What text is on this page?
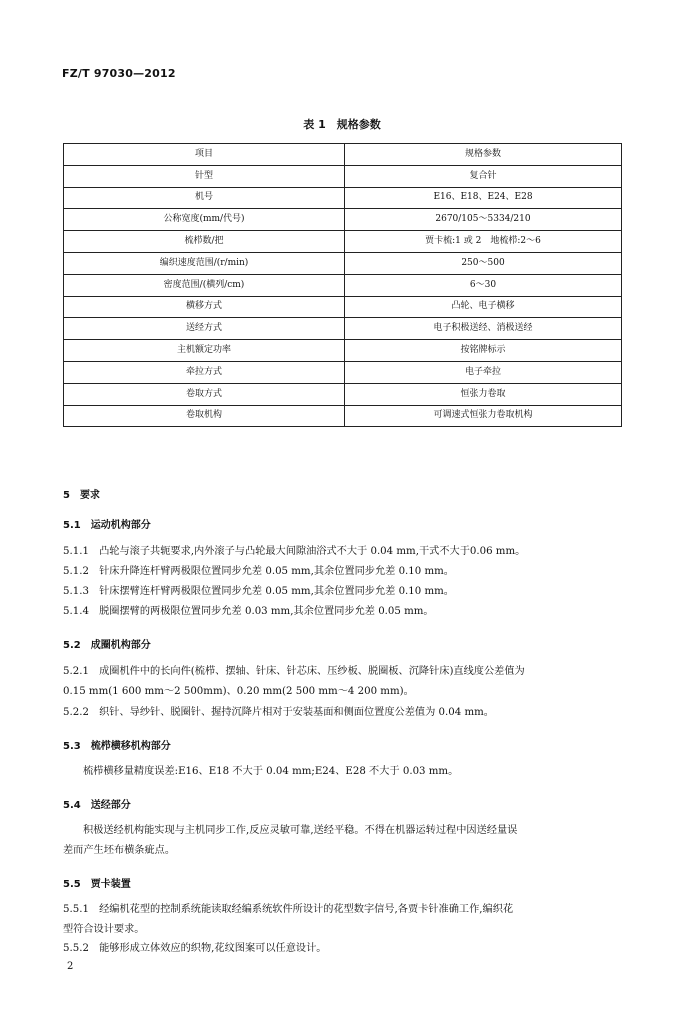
FZ/T 97030—2012
表 1　规格参数
项目	规格参数
针型	复合针
机号	E16、E18、E24、E28
公称宽度(mm/代号)	2670/105～5334/210
梳栉数/把	贾卡梳:1 或 2　地梳栉:2～6
编织速度范围/(r/min)	250～500
密度范围/(横列/cm)	6～30
横移方式	凸轮、电子横移
送经方式	电子积极送经、消极送经
主机额定功率	按铭牌标示
牵拉方式	电子牵拉
卷取方式	恒张力卷取
卷取机构	可调速式恒张力卷取机构
5　 要求
5.1　 运动机构部分
5.1.1　 凸轮与滚子共轭要求,内外滚子与凸轮最大间隙油浴式不大于 0.04 mm,干式不大于0.06 mm。
5.1.2　 针床升降连杆臂两极限位置同步允差 0.05 mm,其余位置同步允差 0.10 mm。
5.1.3　 针床摆臂连杆臂两极限位置同步允差 0.05 mm,其余位置同步允差 0.10 mm。
5.1.4　 脱圈摆臂的两极限位置同步允差 0.03 mm,其余位置同步允差 0.05 mm。
5.2　 成圈机构部分
5.2.1　 成圈机件中的长向件(梳栉、摆轴、针床、针芯床、压纱板、脱圈板、沉降针床)直线度公差值为
0.15 mm(1 600 mm～2 500mm)、0.20 mm(2 500 mm～4 200 mm)。
5.2.2　 织针、导纱针、脱圈针、握持沉降片相对于安装基面和侧面位置度公差值为 0.04 mm。
5.3　 梳栉横移机构部分
梳栉横移量精度误差:E16、E18 不大于 0.04 mm;E24、E28 不大于 0.03 mm。
5.4　 送经部分
积极送经机构能实现与主机同步工作,反应灵敏可靠,送经平稳。不得在机器运转过程中因送经量误
差而产生坯布横条疵点。
5.5　 贾卡装置
5.5.1　 经编机花型的控制系统能读取经编系统软件所设计的花型数字信号,各贾卡针准确工作,编织花
型符合设计要求。
5.5.2　 能够形成立体效应的织物,花纹图案可以任意设计。
2
